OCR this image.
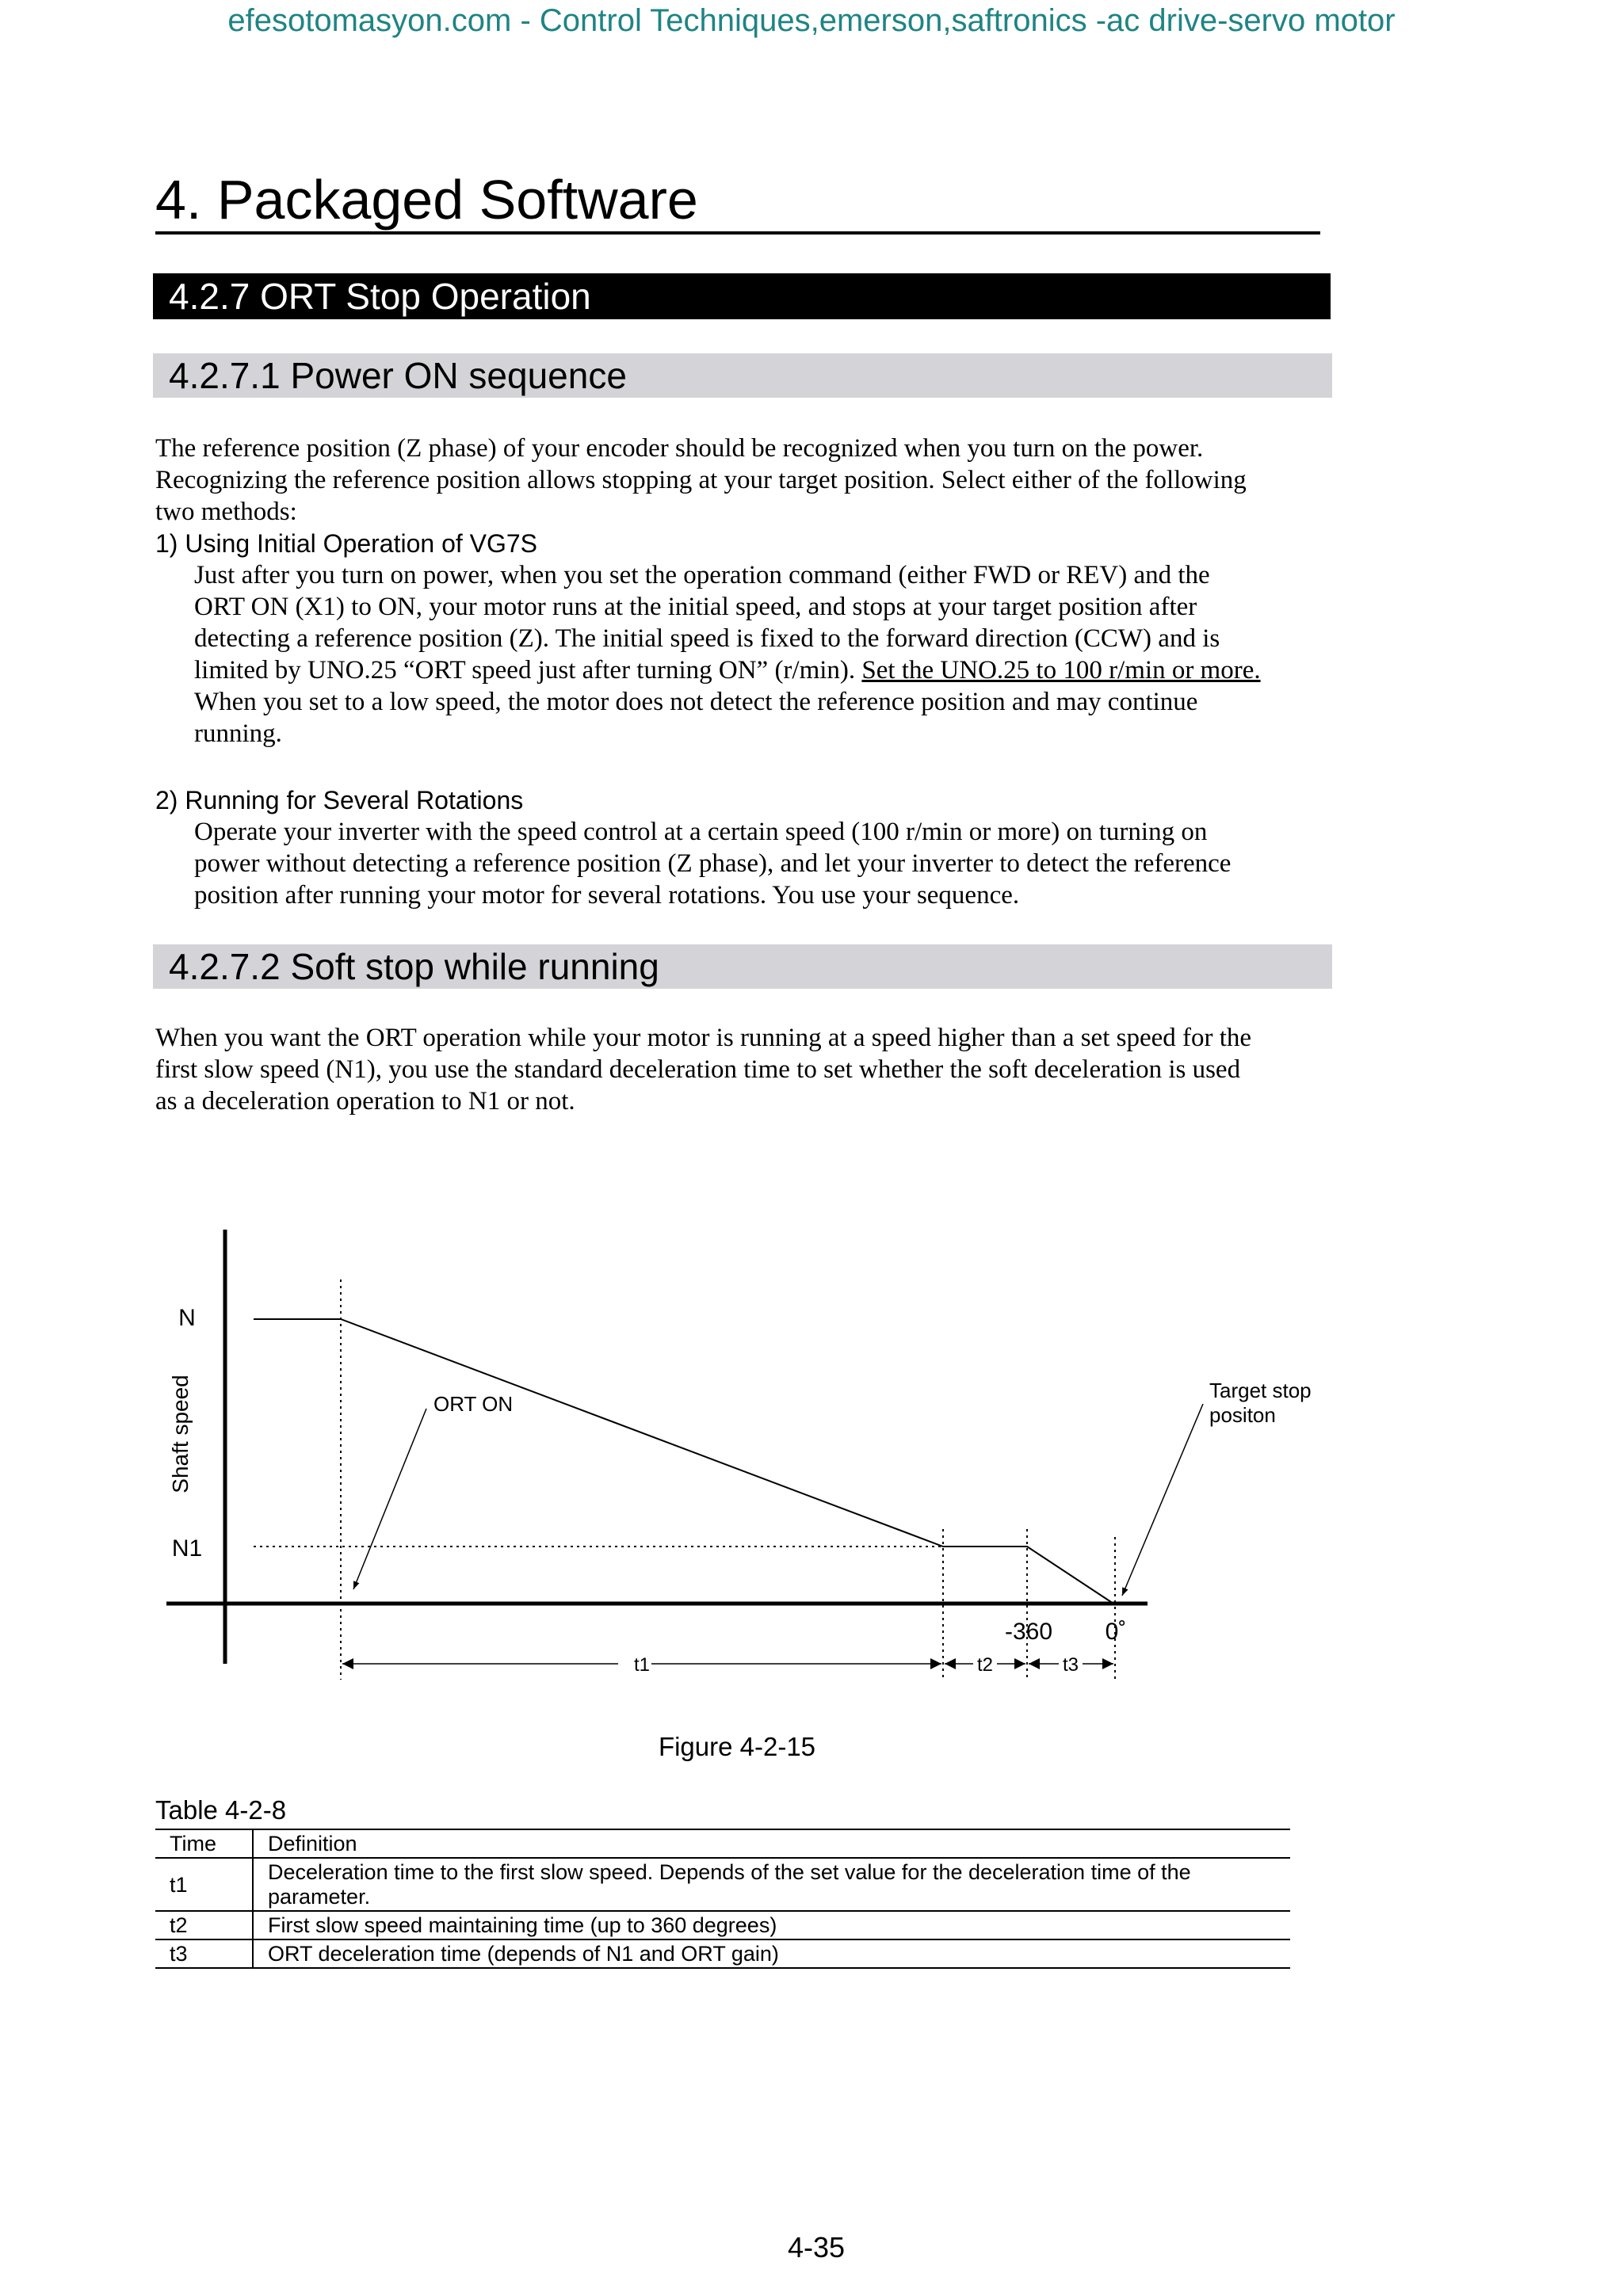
efesotomasyon.com - Control Techniques,emerson,saftronics -ac drive-servo motor
4. Packaged Software
4.2.7 ORT Stop Operation
4.2.7.1 Power ON sequence
The reference position (Z phase) of your encoder should be recognized when you turn on the power.
Recognizing the reference position allows stopping at your target position. Select either of the following
two methods:
1) Using Initial Operation of VG7S
Just after you turn on power, when you set the operation command (either FWD or REV) and the
ORT ON (X1) to ON, your motor runs at the initial speed, and stops at your target position after
detecting a reference position (Z). The initial speed is fixed to the forward direction (CCW) and is
limited by UNO.25 “ORT speed just after turning ON” (r/min). Set the UNO.25 to 100 r/min or more.
When you set to a low speed, the motor does not detect the reference position and may continue
running.
2) Running for Several Rotations
Operate your inverter with the speed control at a certain speed (100 r/min or more) on turning on
power without detecting a reference position (Z phase), and let your inverter to detect the reference
position after running your motor for several rotations. You use your sequence.
4.2.7.2 Soft stop while running
When you want the ORT operation while your motor is running at a speed higher than a set speed for the
first slow speed (N1), you use the standard deceleration time to set whether the soft deceleration is used
as a deceleration operation to N1 or not.
N
N1
Shaft speed	ORT ON
Target stop
positon
-360 0˚
t1	t2	t3
Figure 4-2-15
Table 4-2-8
Time	Definition
t1	Deceleration time to the first slow speed. Depends of the set value for the deceleration time of the
parameter.

t2	First slow speed maintaining time (up to 360 degrees)
t3	ORT deceleration time (depends of N1 and ORT gain)
4-35
